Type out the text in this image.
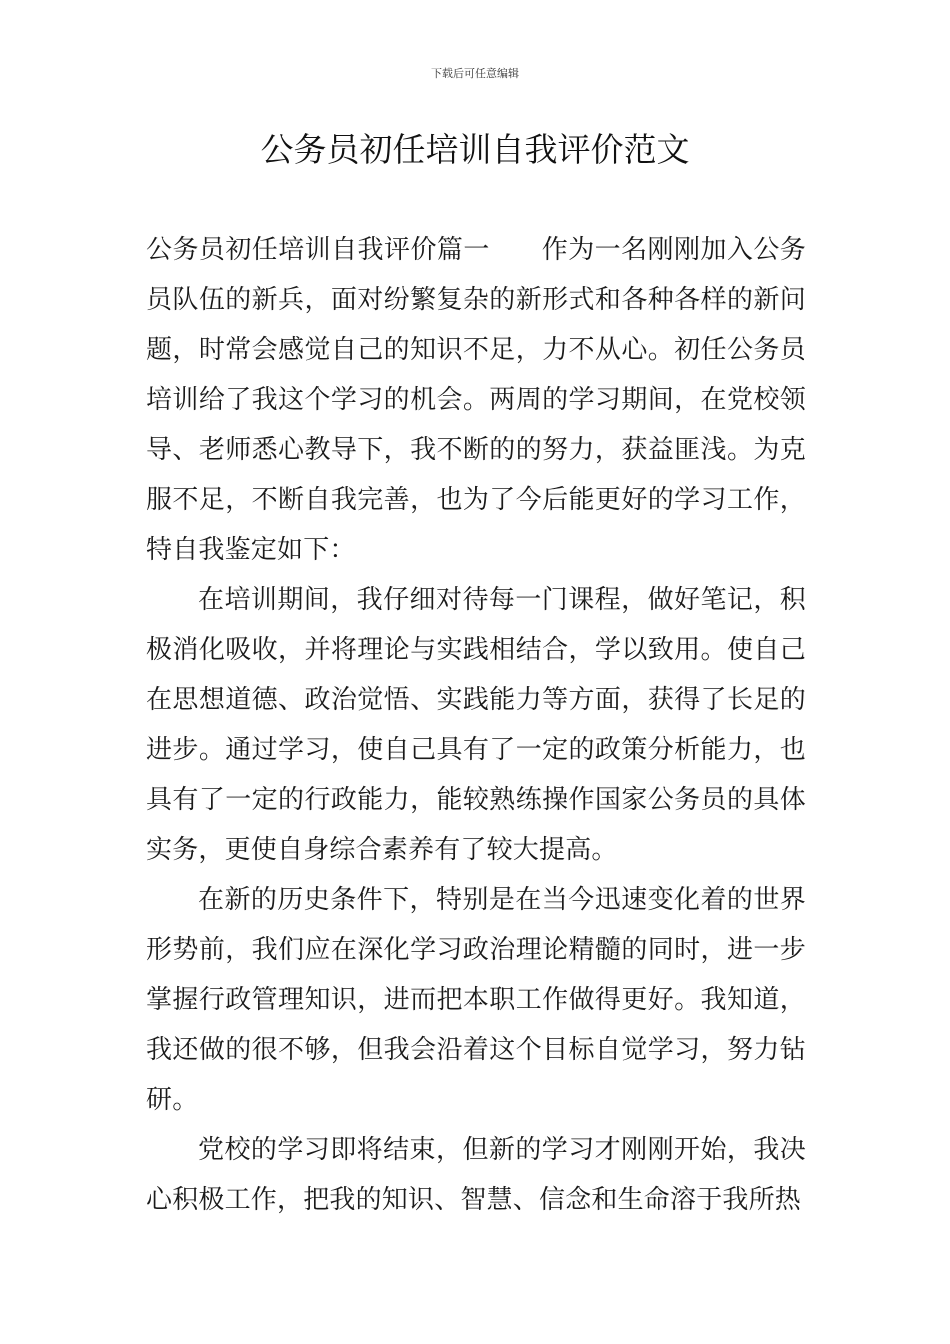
下载后可任意编辑
公务员初任培训自我评价范文

公务员初任培训自我评价篇一 作为一名刚刚加入公务员队伍的新兵，面对纷繁复杂的新形式和各种各样的新问题，时常会感觉自己的知识不足，力不从心。初任公务员培训给了我这个学习的机会。两周的学习期间，在党校领导、老师悉心教导下，我不断的的努力，获益匪浅。为克服不足，不断自我完善，也为了今后能更好的学习工作，特自我鉴定如下：

在培训期间，我仔细对待每一门课程，做好笔记，积极消化吸收，并将理论与实践相结合，学以致用。使自己在思想道德、政治觉悟、实践能力等方面，获得了长足的进步。通过学习，使自己具有了一定的政策分析能力，也具有了一定的行政能力，能较熟练操作国家公务员的具体实务，更使自身综合素养有了较大提高。

在新的历史条件下，特别是在当今迅速变化着的世界形势前，我们应在深化学习政治理论精髓的同时，进一步掌握行政管理知识，进而把本职工作做得更好。我知道，我还做的很不够，但我会沿着这个目标自觉学习，努力钻研。

党校的学习即将结束，但新的学习才刚刚开始，我决心积极工作，把我的知识、智慧、信念和生命溶于我所热
